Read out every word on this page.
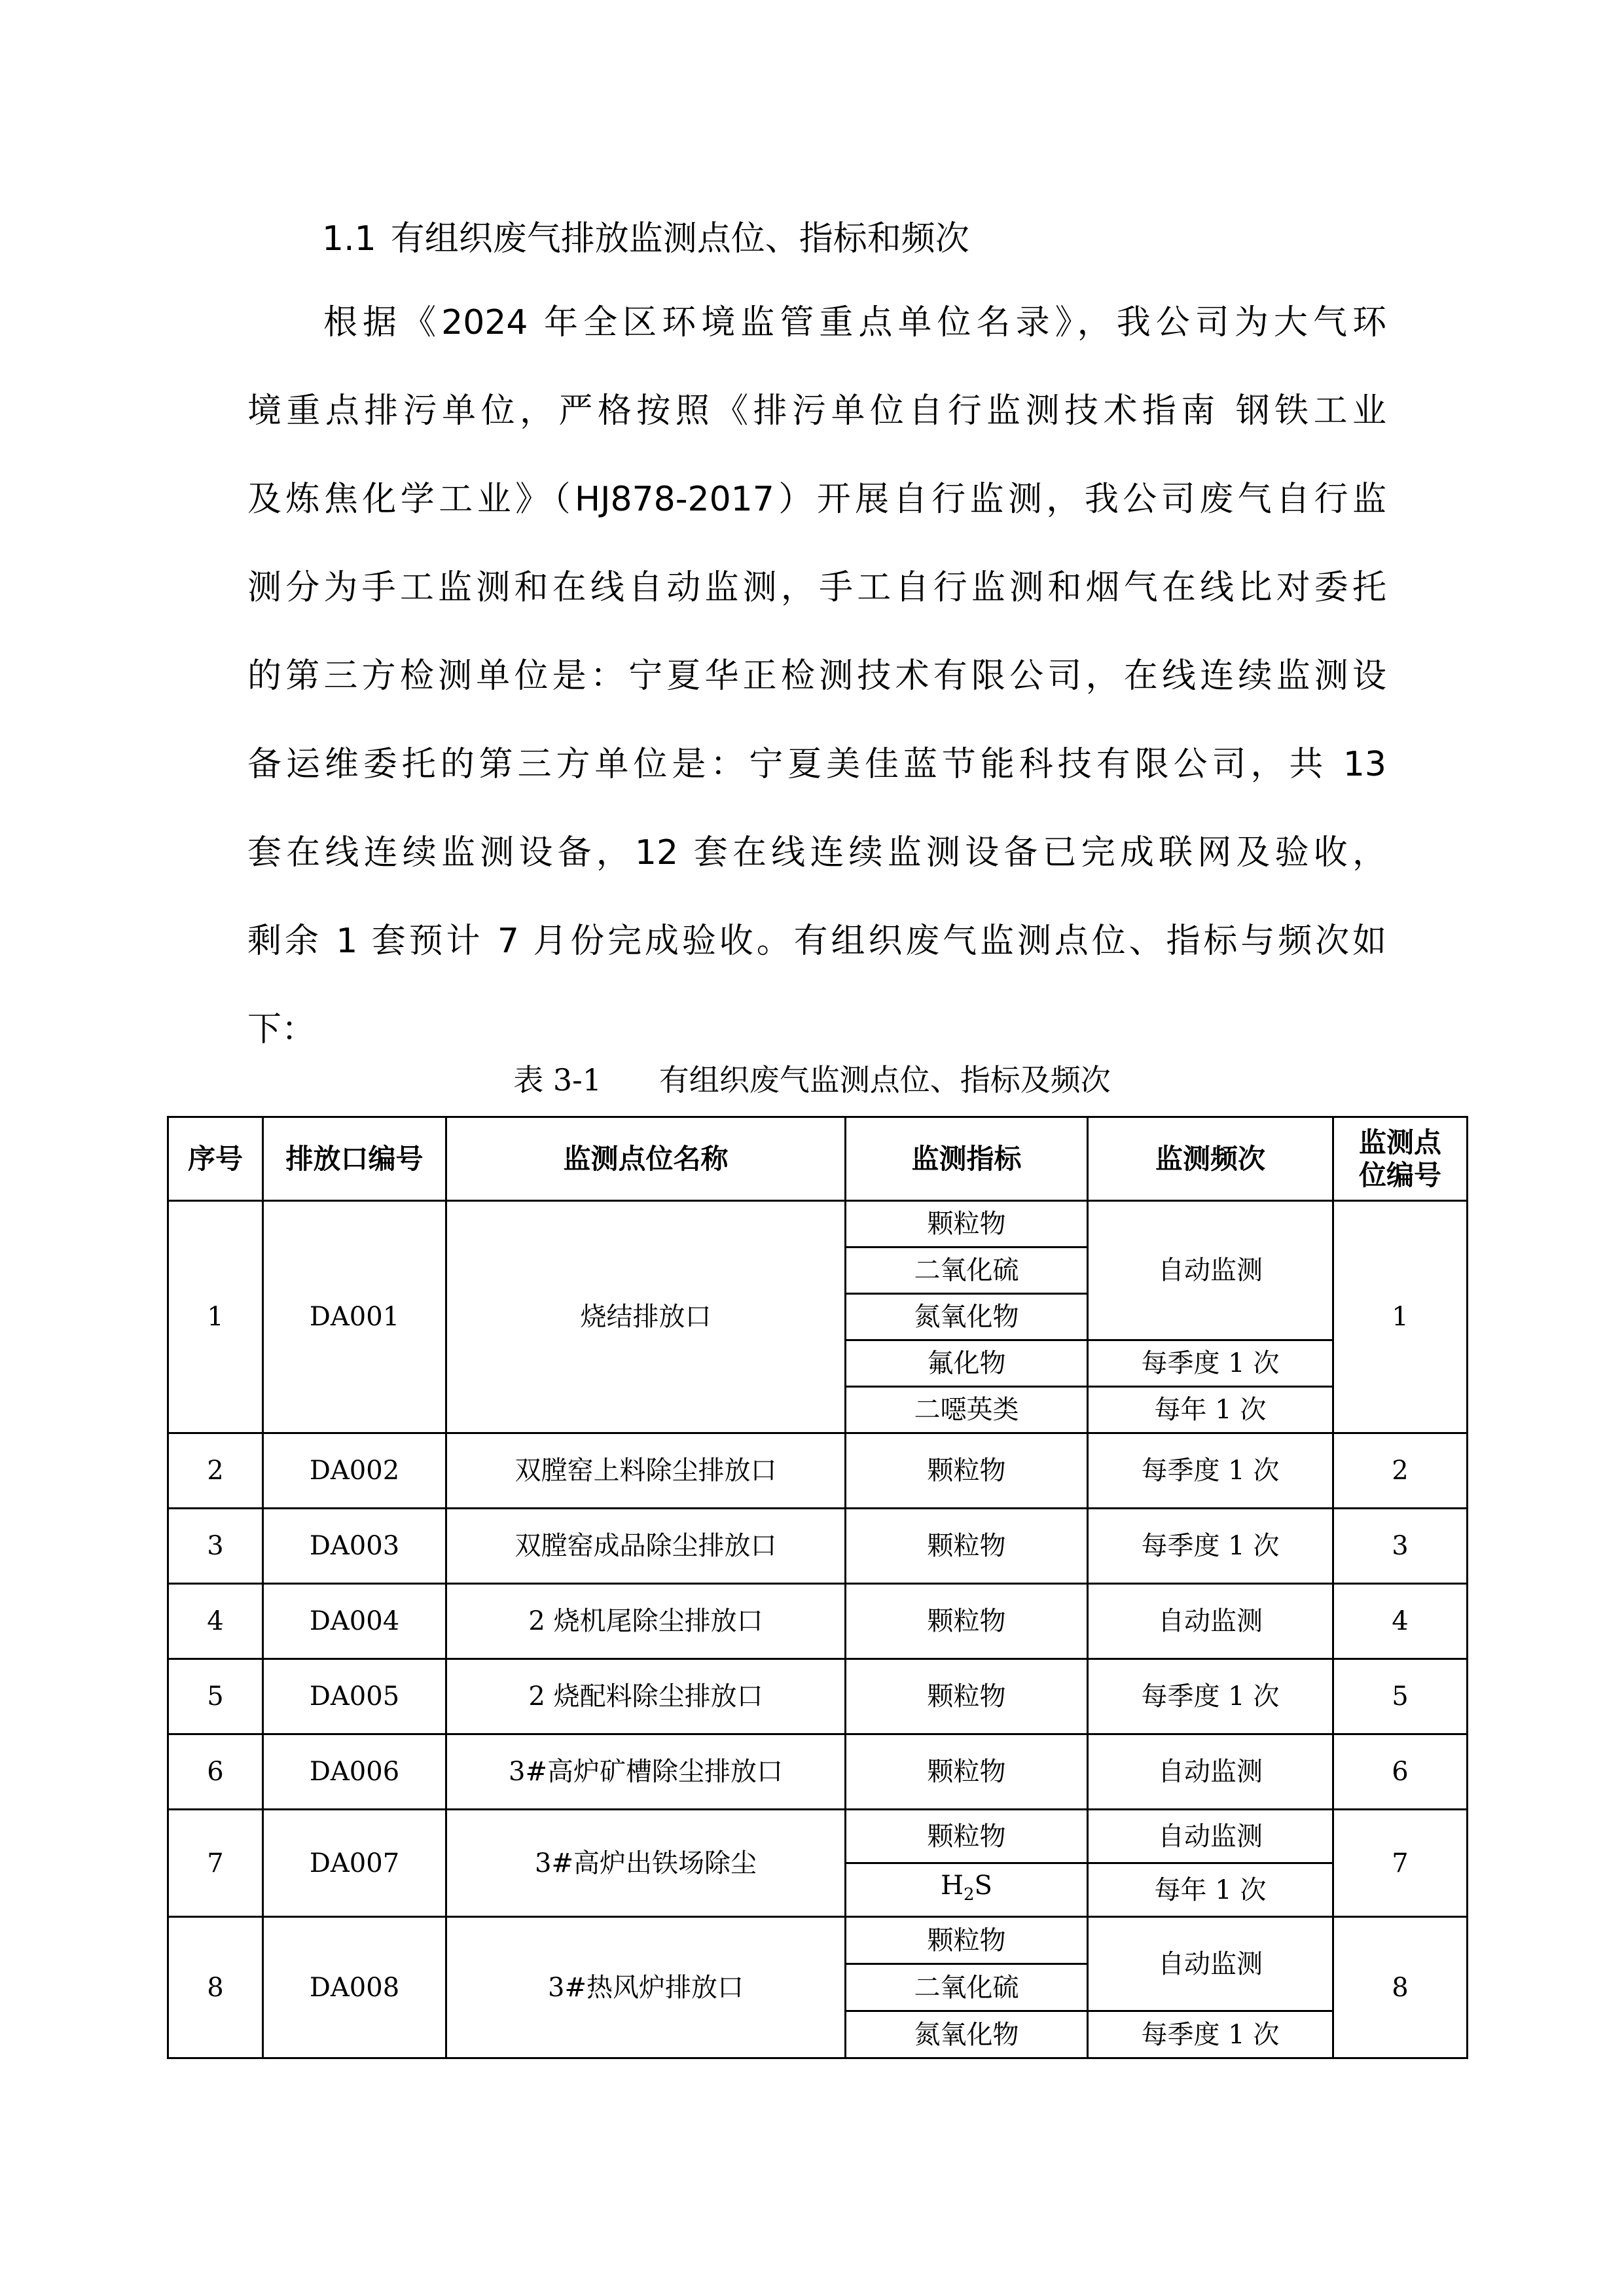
1.1 有组织废气排放监测点位、指标和频次
根据《2024 年全区环境监管重点单位名录》，我公司为大气环
境重点排污单位，严格按照《排污单位自行监测技术指南 钢铁工业
及炼焦化学工业》（HJ878-2017）开展自行监测，我公司废气自行监
测分为手工监测和在线自动监测，手工自行监测和烟气在线比对委托
的第三方检测单位是：宁夏华正检测技术有限公司，在线连续监测设
备运维委托的第三方单位是：宁夏美佳蓝节能科技有限公司，共 13
套在线连续监测设备，12 套在线连续监测设备已完成联网及验收，
剩余 1 套预计 7 月份完成验收。有组织废气监测点位、指标与频次如
下：
表 3-1      有组织废气监测点位、指标及频次
序号	排放口编号	监测点位名称	监测指标	监测频次	监测点
位编号
1	DA001	烧结排放口	颗粒物	自动监测	1
			二氧化硫		
			氮氧化物		
			氟化物	每季度 1 次	
			二噁英类	每年 1 次	
2	DA002	双膛窑上料除尘排放口	颗粒物	每季度 1 次	2
3	DA003	双膛窑成品除尘排放口	颗粒物	每季度 1 次	3
4	DA004	2 烧机尾除尘排放口	颗粒物	自动监测	4
5	DA005	2 烧配料除尘排放口	颗粒物	每季度 1 次	5
6	DA006	3#高炉矿槽除尘排放口	颗粒物	自动监测	6
7	DA007	3#高炉出铁场除尘	颗粒物	自动监测	7
			$H_2S$	每年 1 次	
8	DA008	3#热风炉排放口	颗粒物	自动监测	8
			二氧化硫		
			氮氧化物	每季度 1 次	
